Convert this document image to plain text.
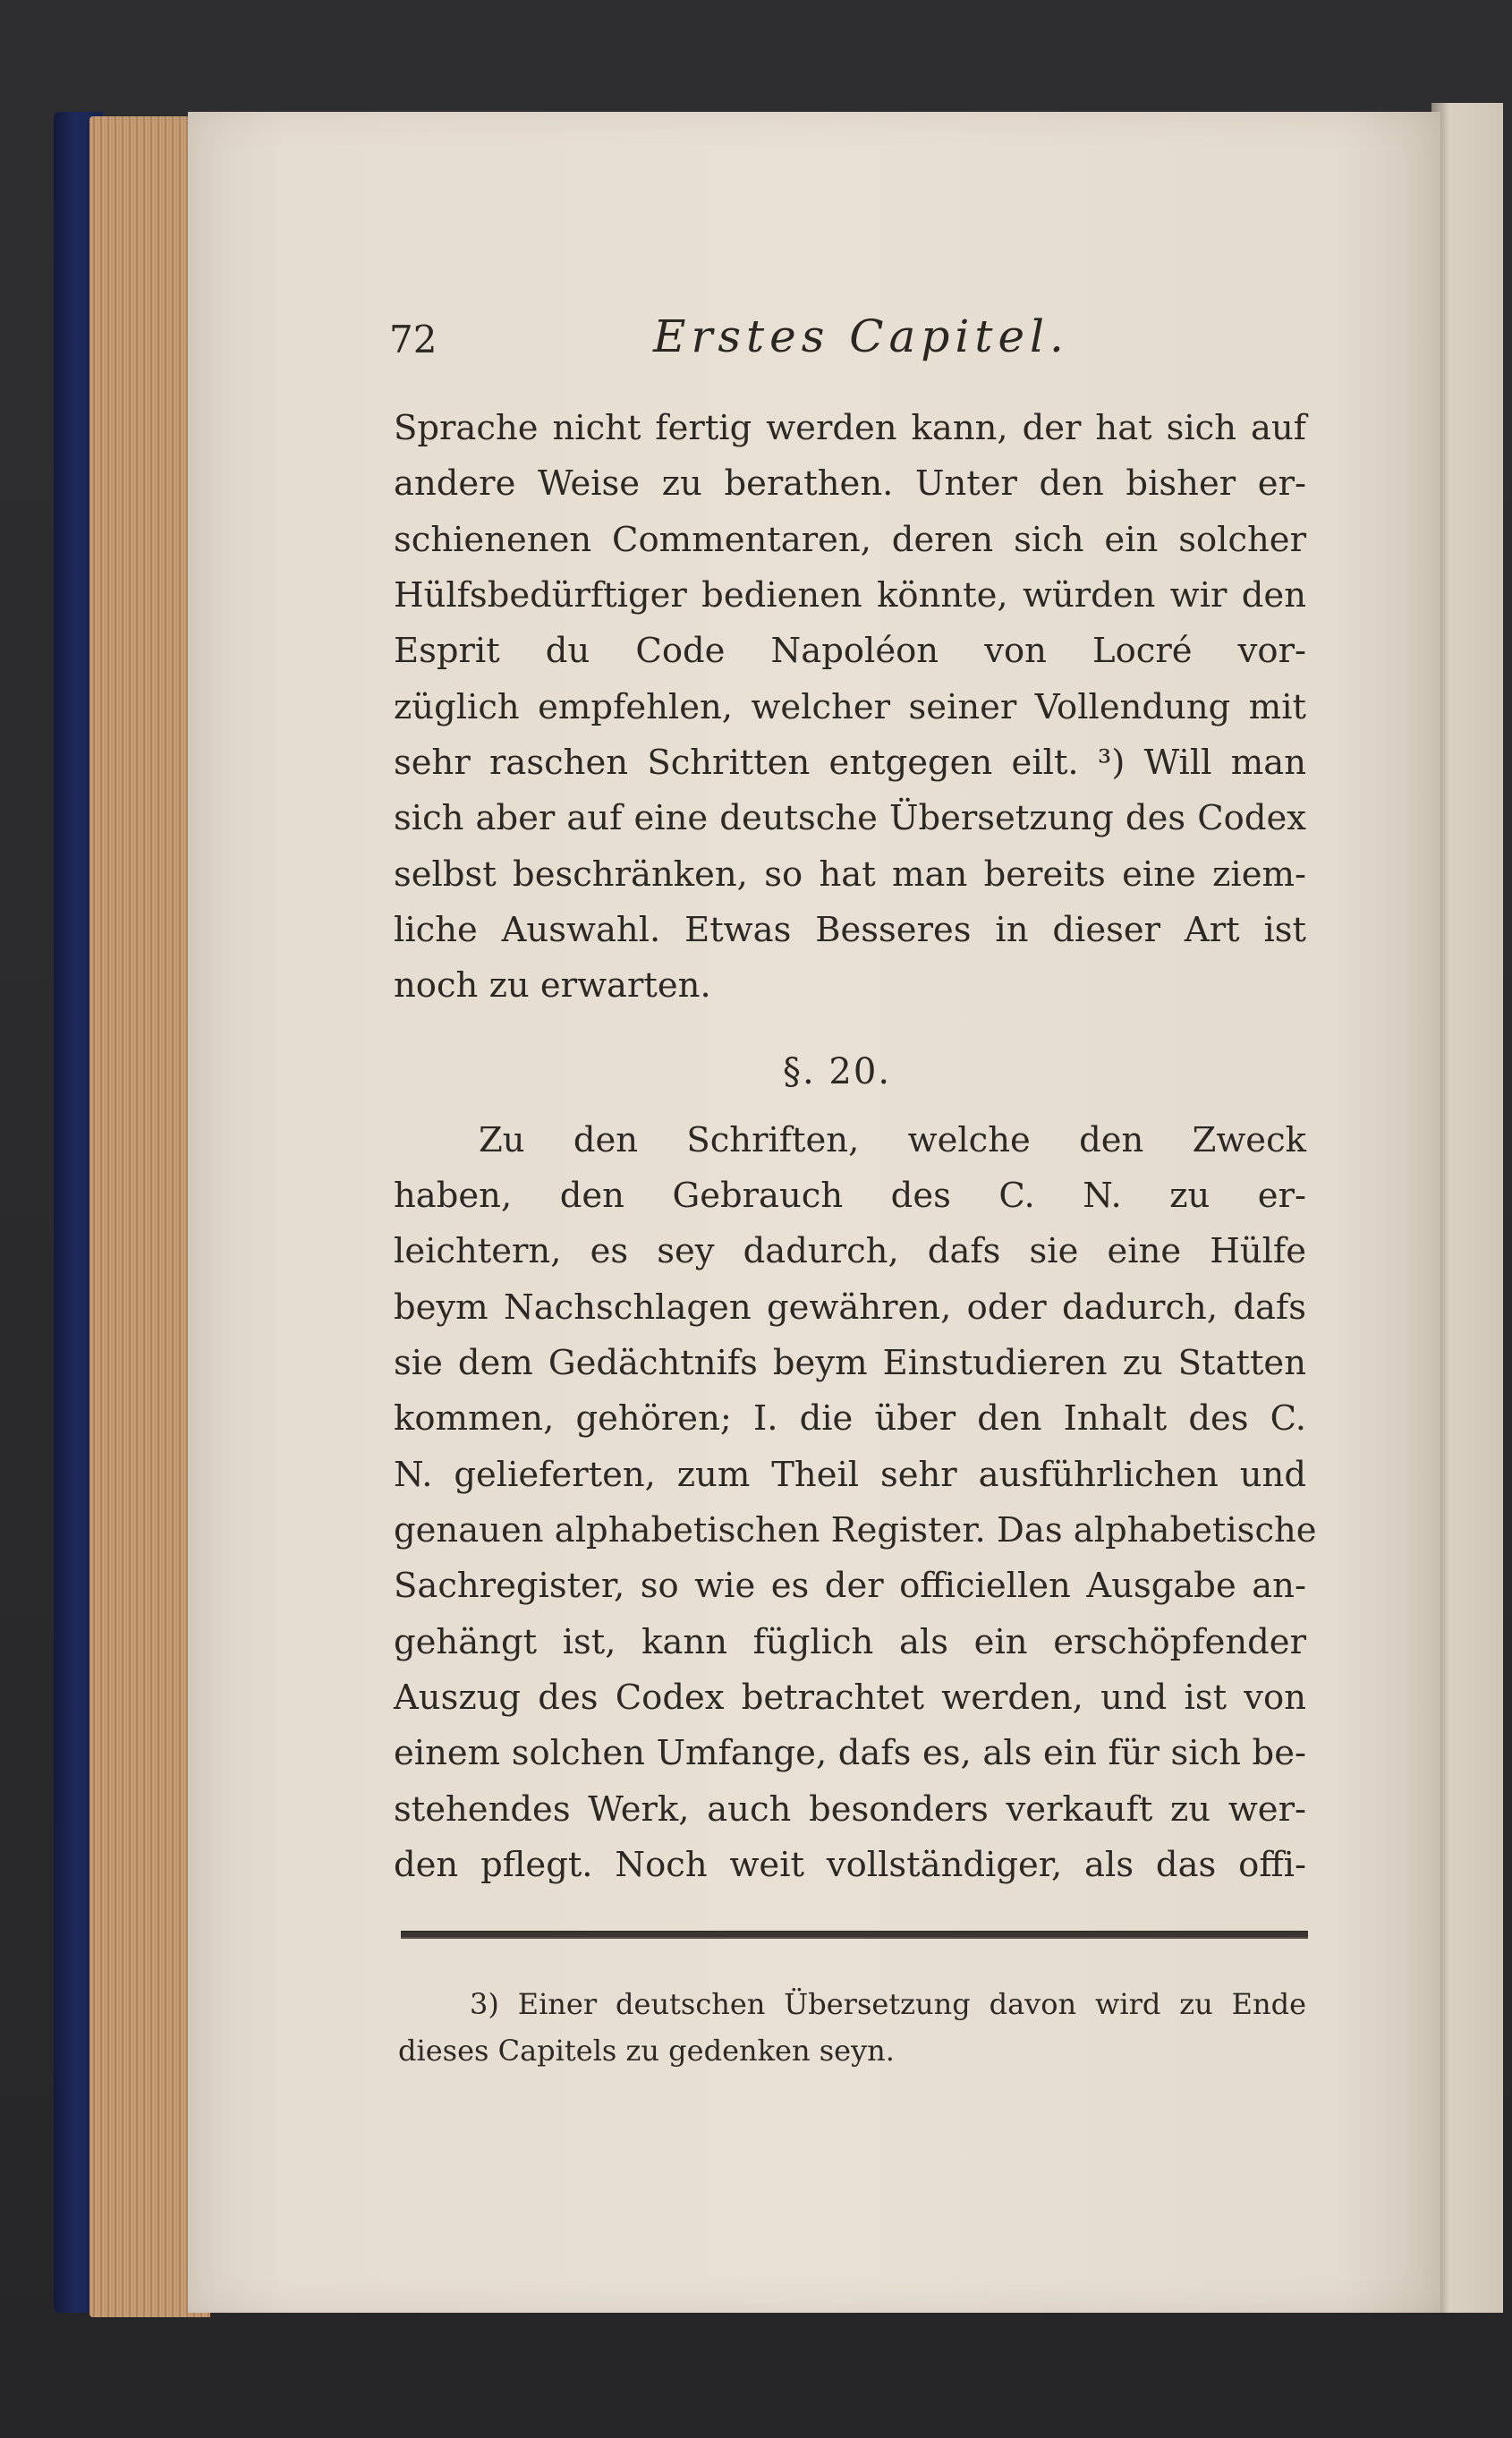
72	Erstes Capitel.
Sprache nicht fertig werden kann, der hat sich auf
andere Weise zu berathen. Unter den bisher er-
schienenen Commentaren, deren sich ein solcher
Hülfsbedürftiger bedienen könnte, würden wir den
Esprit du Code Napoléon von Locré vor-
züglich empfehlen, welcher seiner Vollendung mit
sehr raschen Schritten entgegen eilt. ³) Will man
sich aber auf eine deutsche Übersetzung des Codex
selbst beschränken, so hat man bereits eine ziem-
liche Auswahl. Etwas Besseres in dieser Art ist
noch zu erwarten.
§. 20.
Zu den Schriften, welche den Zweck
haben, den Gebrauch des C. N. zu er-
leichtern, es sey dadurch, dafs sie eine Hülfe
beym Nachschlagen gewähren, oder dadurch, dafs
sie dem Gedächtnifs beym Einstudieren zu Statten
kommen, gehören; I. die über den Inhalt des C.
N. gelieferten, zum Theil sehr ausführlichen und
genauen alphabetischen Register. Das alphabetische
Sachregister, so wie es der officiellen Ausgabe an-
gehängt ist, kann füglich als ein erschöpfender
Auszug des Codex betrachtet werden, und ist von
einem solchen Umfange, dafs es, als ein für sich be-
stehendes Werk, auch besonders verkauft zu wer-
den pflegt. Noch weit vollständiger, als das offi-
3) Einer deutschen Übersetzung davon wird zu Ende
dieses Capitels zu gedenken seyn.
